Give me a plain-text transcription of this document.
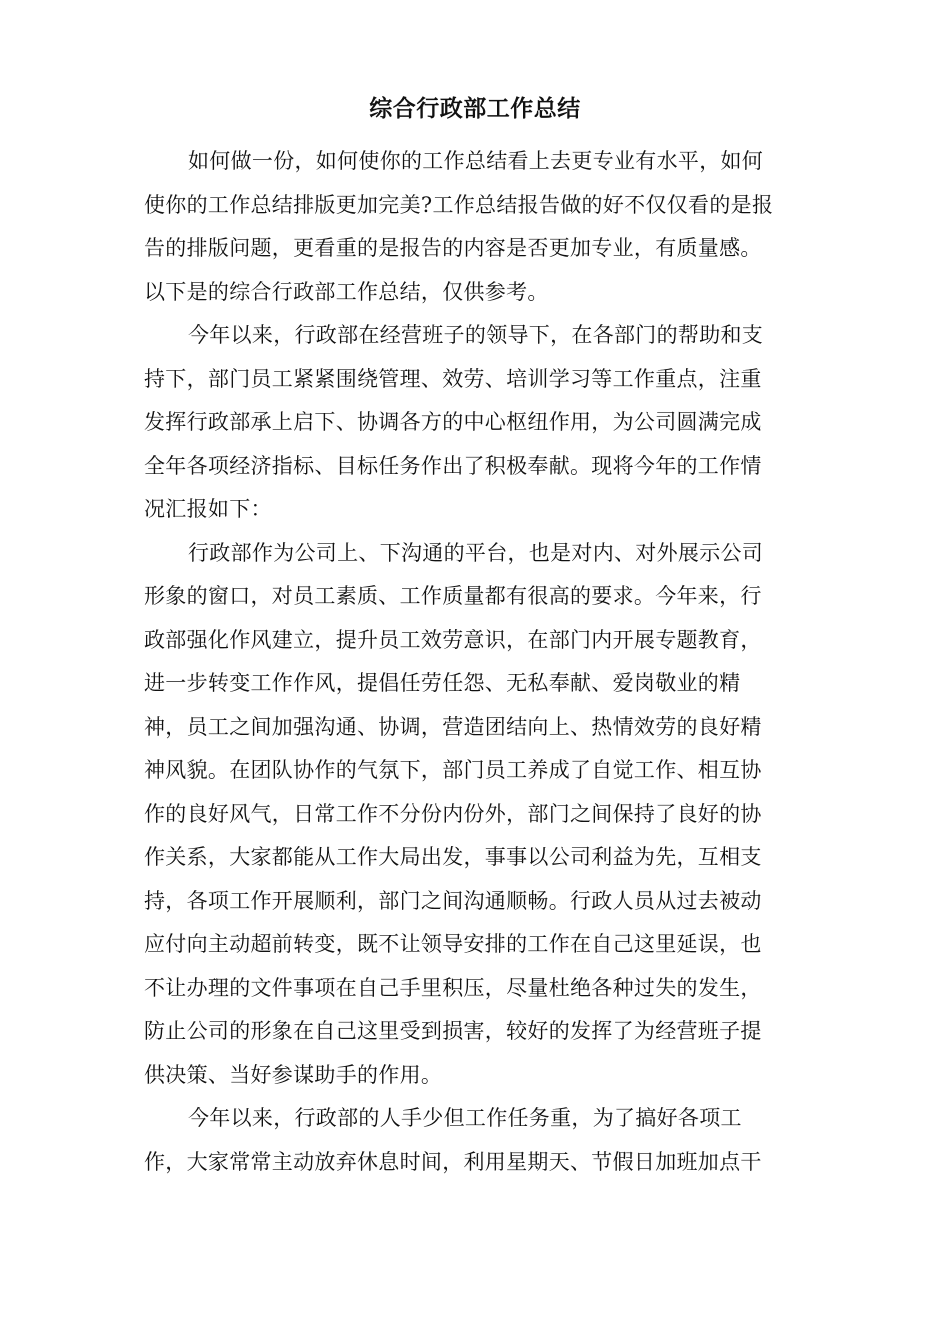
综合行政部工作总结
如何做一份，如何使你的工作总结看上去更专业有水平，如何
使你的工作总结排版更加完美?工作总结报告做的好不仅仅看的是报
告的排版问题，更看重的是报告的内容是否更加专业，有质量感。
以下是的综合行政部工作总结，仅供参考。
今年以来，行政部在经营班子的领导下，在各部门的帮助和支
持下，部门员工紧紧围绕管理、效劳、培训学习等工作重点，注重
发挥行政部承上启下、协调各方的中心枢纽作用，为公司圆满完成
全年各项经济指标、目标任务作出了积极奉献。现将今年的工作情
况汇报如下：
行政部作为公司上、下沟通的平台，也是对内、对外展示公司
形象的窗口，对员工素质、工作质量都有很高的要求。今年来，行
政部强化作风建立，提升员工效劳意识，在部门内开展专题教育，
进一步转变工作作风，提倡任劳任怨、无私奉献、爱岗敬业的精
神，员工之间加强沟通、协调，营造团结向上、热情效劳的良好精
神风貌。在团队协作的气氛下，部门员工养成了自觉工作、相互协
作的良好风气，日常工作不分份内份外，部门之间保持了良好的协
作关系，大家都能从工作大局出发，事事以公司利益为先，互相支
持，各项工作开展顺利，部门之间沟通顺畅。行政人员从过去被动
应付向主动超前转变，既不让领导安排的工作在自己这里延误，也
不让办理的文件事项在自己手里积压，尽量杜绝各种过失的发生，
防止公司的形象在自己这里受到损害，较好的发挥了为经营班子提
供决策、当好参谋助手的作用。
今年以来，行政部的人手少但工作任务重，为了搞好各项工
作，大家常常主动放弃休息时间，利用星期天、节假日加班加点干
